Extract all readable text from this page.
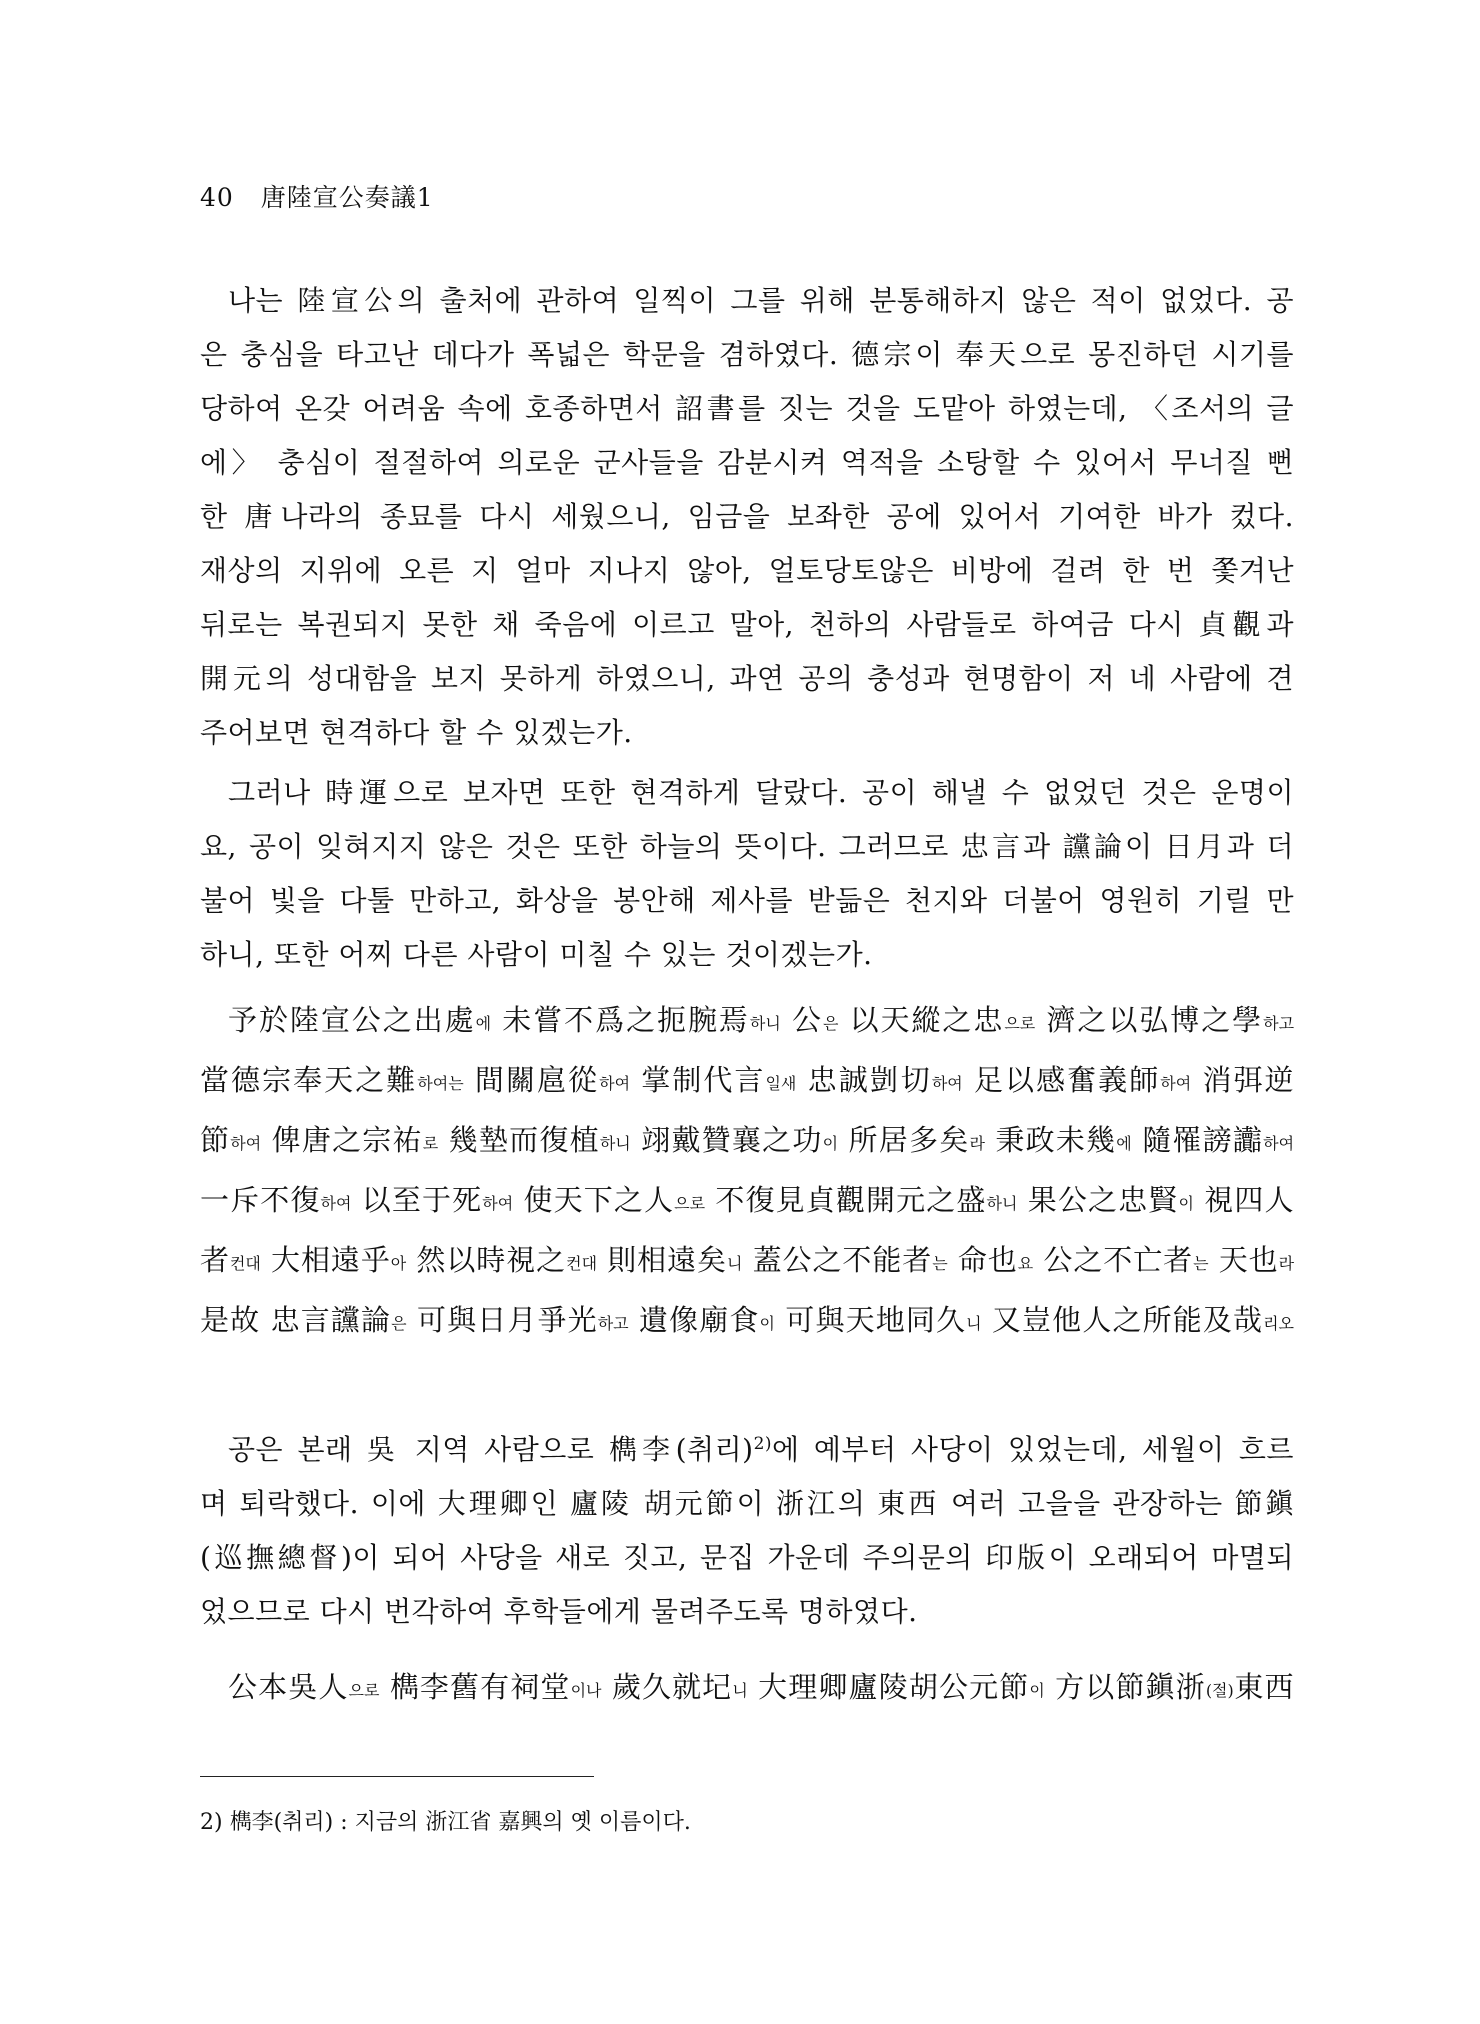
40 唐陸宣公奏議1
나는 陸宣公의 출처에 관하여 일찍이 그를 위해 분통해하지 않은 적이 없었다. 공
은 충심을 타고난 데다가 폭넓은 학문을 겸하였다. 德宗이 奉天으로 몽진하던 시기를
당하여 온갖 어려움 속에 호종하면서 詔書를 짓는 것을 도맡아 하였는데, 〈조서의 글
에〉 충심이 절절하여 의로운 군사들을 감분시켜 역적을 소탕할 수 있어서 무너질 뻔
한 唐나라의 종묘를 다시 세웠으니, 임금을 보좌한 공에 있어서 기여한 바가 컸다.
재상의 지위에 오른 지 얼마 지나지 않아, 얼토당토않은 비방에 걸려 한 번 쫓겨난
뒤로는 복권되지 못한 채 죽음에 이르고 말아, 천하의 사람들로 하여금 다시 貞觀과
開元의 성대함을 보지 못하게 하였으니, 과연 공의 충성과 현명함이 저 네 사람에 견
주어보면 현격하다 할 수 있겠는가.
그러나 時運으로 보자면 또한 현격하게 달랐다. 공이 해낼 수 없었던 것은 운명이
요, 공이 잊혀지지 않은 것은 또한 하늘의 뜻이다. 그러므로 忠言과 讜論이 日月과 더
불어 빛을 다툴 만하고, 화상을 봉안해 제사를 받듦은 천지와 더불어 영원히 기릴 만
하니, 또한 어찌 다른 사람이 미칠 수 있는 것이겠는가.
予於陸宣公之出處에 未嘗不爲之扼腕焉하니 公은 以天縱之忠으로 濟之以弘博之學하고
當德宗奉天之難하여는 間關扈從하여 掌制代言일새 忠誠剴切하여 足以感奮義師하여 消弭逆
節하여 俾唐之宗祐로 幾墊而復植하니 翊戴贊襄之功이 所居多矣라 秉政未幾에 隨罹謗讟하여
一斥不復하여 以至于死하여 使天下之人으로 不復見貞觀開元之盛하니 果公之忠賢이 視四人
者컨대 大相遠乎아 然以時視之컨대 則相遠矣니 蓋公之不能者는 命也요 公之不亡者는 天也라
是故 忠言讜論은 可與日月爭光하고 遺像廟食이 可與天地同久니 又豈他人之所能及哉리오
공은 본래 吳 지역 사람으로 檇李(취리)$^{2)}$에 예부터 사당이 있었는데, 세월이 흐르
며 퇴락했다. 이에 大理卿인 廬陵 胡元節이 浙江의 東西 여러 고을을 관장하는 節鎭
(巡撫總督)이 되어 사당을 새로 짓고, 문집 가운데 주의문의 印版이 오래되어 마멸되
었으므로 다시 번각하여 후학들에게 물려주도록 명하였다.
公本吳人으로 檇李舊有祠堂이나 歲久就圮니 大理卿廬陵胡公元節이 方以節鎭浙(절)東西
2) 檇李(취리) : 지금의 浙江省 嘉興의 옛 이름이다.
